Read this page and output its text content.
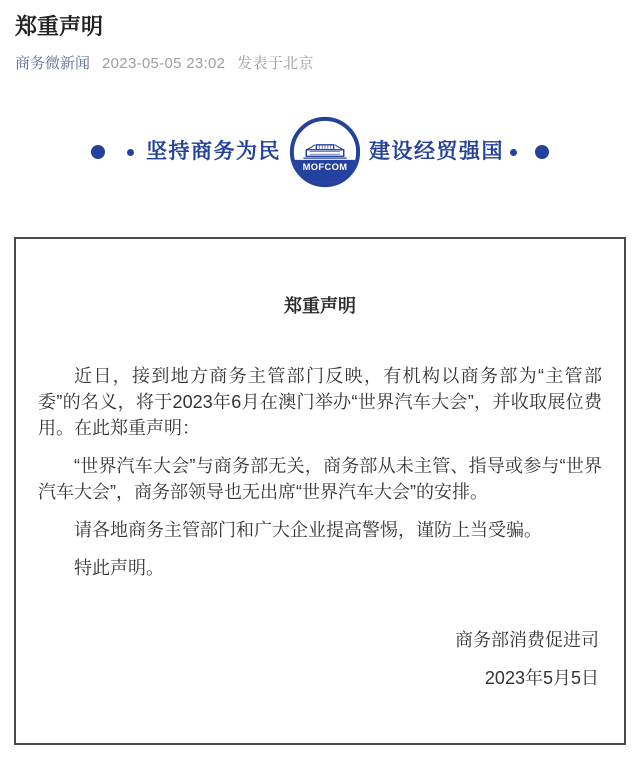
郑重声明
商务微新闻 2023-05-05 23:02 发表于北京
坚持商务为民
MOFCOM
建设经贸强国
郑重声明

近日，接到地方商务主管部门反映，有机构以商务部为“主管部委”的名义，将于2023年6月在澳门举办“世界汽车大会”，并收取展位费用。在此郑重声明：

“世界汽车大会”与商务部无关，商务部从未主管、指导或参与“世界汽车大会”，商务部领导也无出席“世界汽车大会”的安排。

请各地商务主管部门和广大企业提高警惕，谨防上当受骗。

特此声明。

商务部消费促进司
2023年5月5日
